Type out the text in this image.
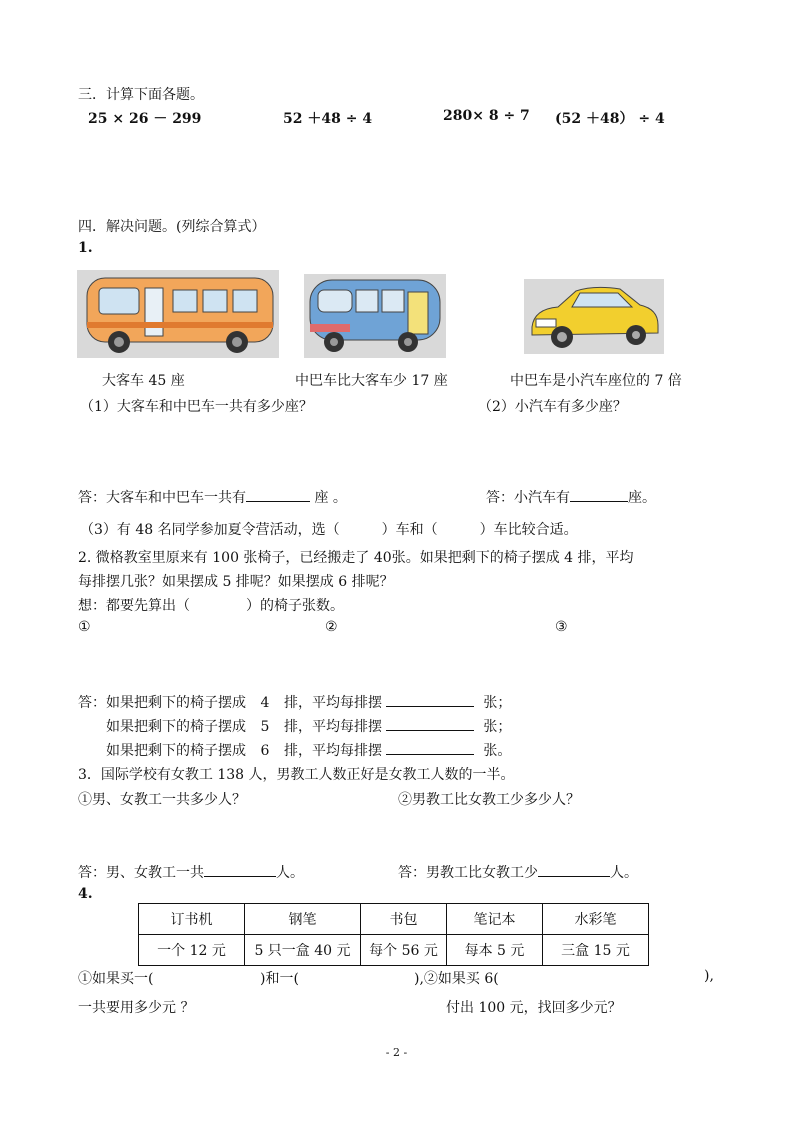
三．计算下面各题。
25 × 26 － 299	52 ＋48 ÷ 4	280× 8 ÷ 7 (52 ＋48） ÷ 4
四．解决问题。(列综合算式）
1.
大客车 45 座	中巴车比大客车少 17 座	中巴车是小汽车座位的 7 倍
（1）大客车和中巴车一共有多少座？	（2）小汽车有多少座？
答：大客车和中巴车一共有	座 。	答：小汽车有	座。
（3）有 48 名同学参加夏令营活动，选（　　　）车和（　　　）车比较合适。
2. 微格教室里原来有 100 张椅子，已经搬走了 40张。如果把剩下的椅子摆成 4 排，平均
每排摆几张？如果摆成 5 排呢？如果摆成 6 排呢？
想：都要先算出（　　　　）的椅子张数。
①	②	③
答： 如果把剩下的椅子摆成 4 排，平均每排摆	张；
如果把剩下的椅子摆成 5 排，平均每排摆	张；
如果把剩下的椅子摆成 6 排，平均每排摆	张。
3．国际学校有女教工 138 人，男教工人数正好是女教工人数的一半。
①男、女教工一共多少人？	②男教工比女教工少多少人？
答：男、女教工一共	人。	答：男教工比女教工少	人。
4.
订书机	钢笔	书包	笔记本	水彩笔
一个 12 元	5 只一盒 40 元	每个 56 元	每本 5 元	三盒 15 元
①如果买一(	)和一(	),②如果买 6(	),
一共要用多少元 ？	付出 100 元，找回多少元？
- 2 -
